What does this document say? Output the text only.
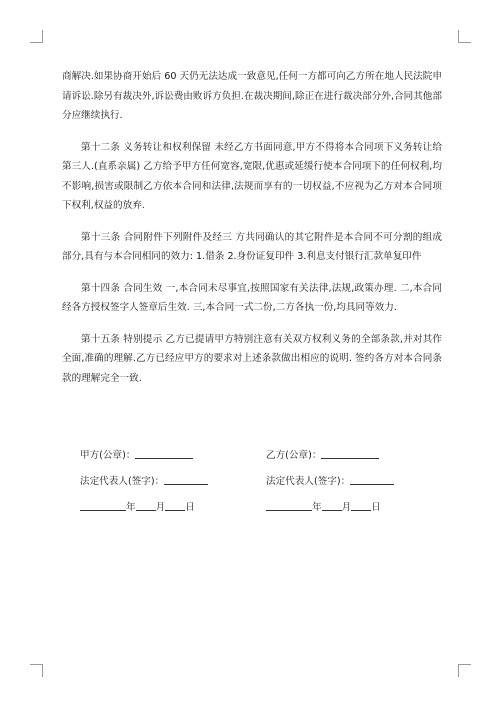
商解决.如果协商开始后 60 天仍无法达成一致意见,任何一方都可向乙方所在地人民法院申请诉讼.除另有裁决外,诉讼费由败诉方负担.在裁决期间,除正在进行裁决部分外,合同其他部分应继续执行.

第十二条 义务转让和权利保留 未经乙方书面同意,甲方不得将本合同项下义务转让给第三人.(直系亲属) 乙方给予甲方任何宽容,宽限,优惠或延缓行使本合同项下的任何权利,均不影响,损害或限制乙方依本合同和法律,法规而享有的一切权益,不应视为乙方对本合同项下权利,权益的放弃.

第十三条 合同附件下列附件及经三 方共同确认的其它附件是本合同不可分割的组成部分,具有与本合同相同的效力: 1.借条 2.身份证复印件 3.利息支付银行汇款单复印件

第十四条 合同生效 一,本合同未尽事宜,按照国家有关法律,法规,政策办理. 二,本合同经各方授权签字人签章后生效. 三,本合同一式二份,二方各执一份,均具同等效力.

第十五条 特别提示 乙方已提请甲方特别注意有关双方权利义务的全部条款,并对其作全面,准确的理解.乙方已经应甲方的要求对上述条款做出相应的说明. 签约各方对本合同条款的理解完全一致.

甲方(公章)：	乙方(公章)：
法定代表人(签字)：	法定代表人(签字)：
年 月 日	年 月 日
